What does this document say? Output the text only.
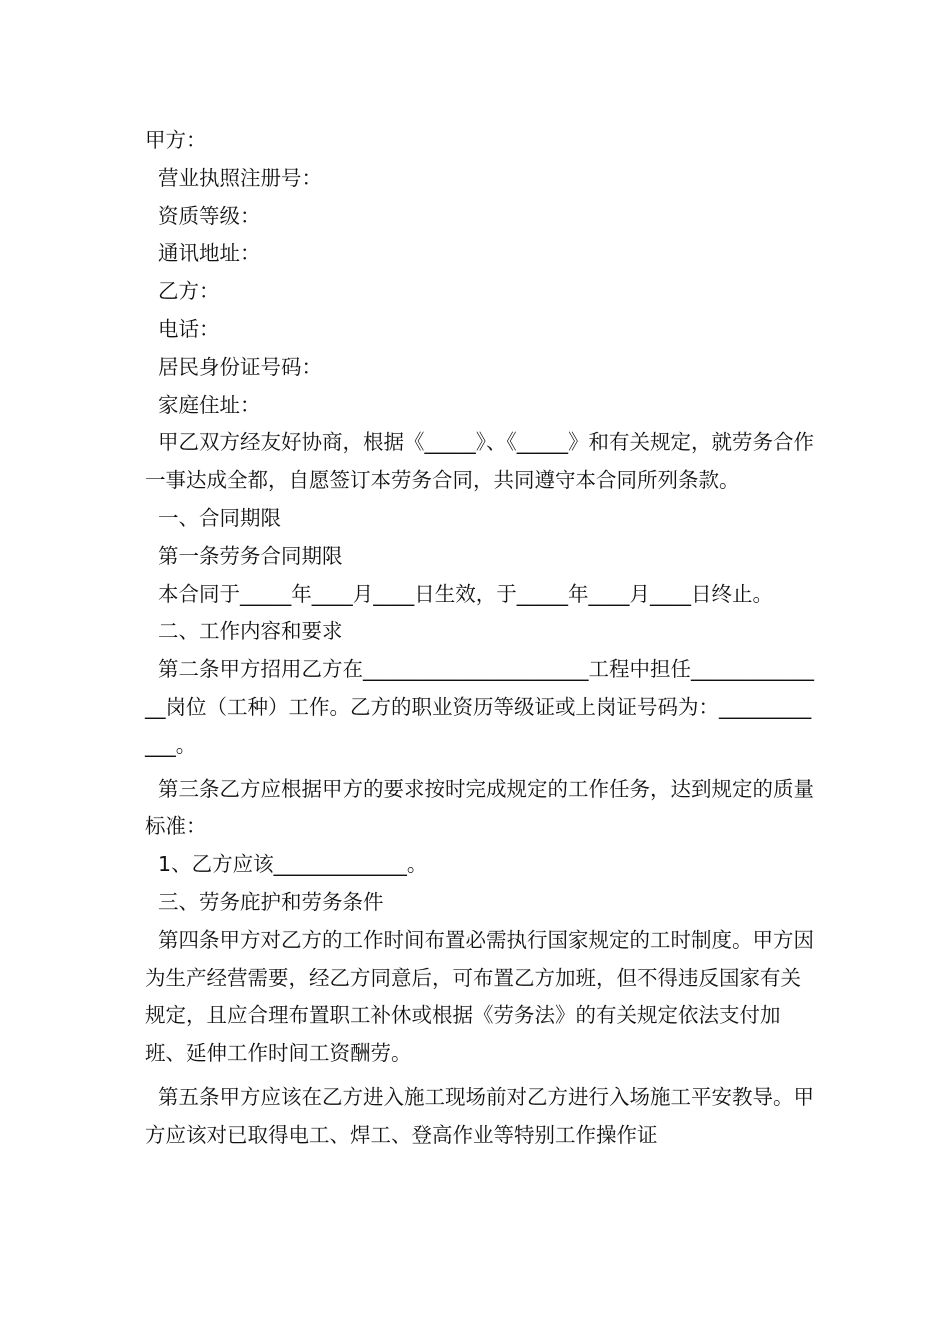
甲方：

营业执照注册号：

资质等级：

通讯地址：

乙方：

电话：

居民身份证号码：

家庭住址：

甲乙双方经友好协商，根据《_____》、《_____》和有关规定，就劳务合作一事达成全都，自愿签订本劳务合同，共同遵守本合同所列条款。

一、合同期限

第一条劳务合同期限

本合同于_____年____月____日生效，于_____年____月____日终止。

二、工作内容和要求

第二条甲方招用乙方在______________________工程中担任______________岗位（工种）工作。乙方的职业资历等级证或上岗证号码为：____________。

第三条乙方应根据甲方的要求按时完成规定的工作任务，达到规定的质量标准：

1、乙方应该_____________。

三、劳务庇护和劳务条件

第四条甲方对乙方的工作时间布置必需执行国家规定的工时制度。甲方因为生产经营需要，经乙方同意后，可布置乙方加班，但不得违反国家有关规定，且应合理布置职工补休或根据《劳务法》的有关规定依法支付加班、延伸工作时间工资酬劳。

第五条甲方应该在乙方进入施工现场前对乙方进行入场施工平安教导。甲方应该对已取得电工、焊工、登高作业等特别工作操作证
